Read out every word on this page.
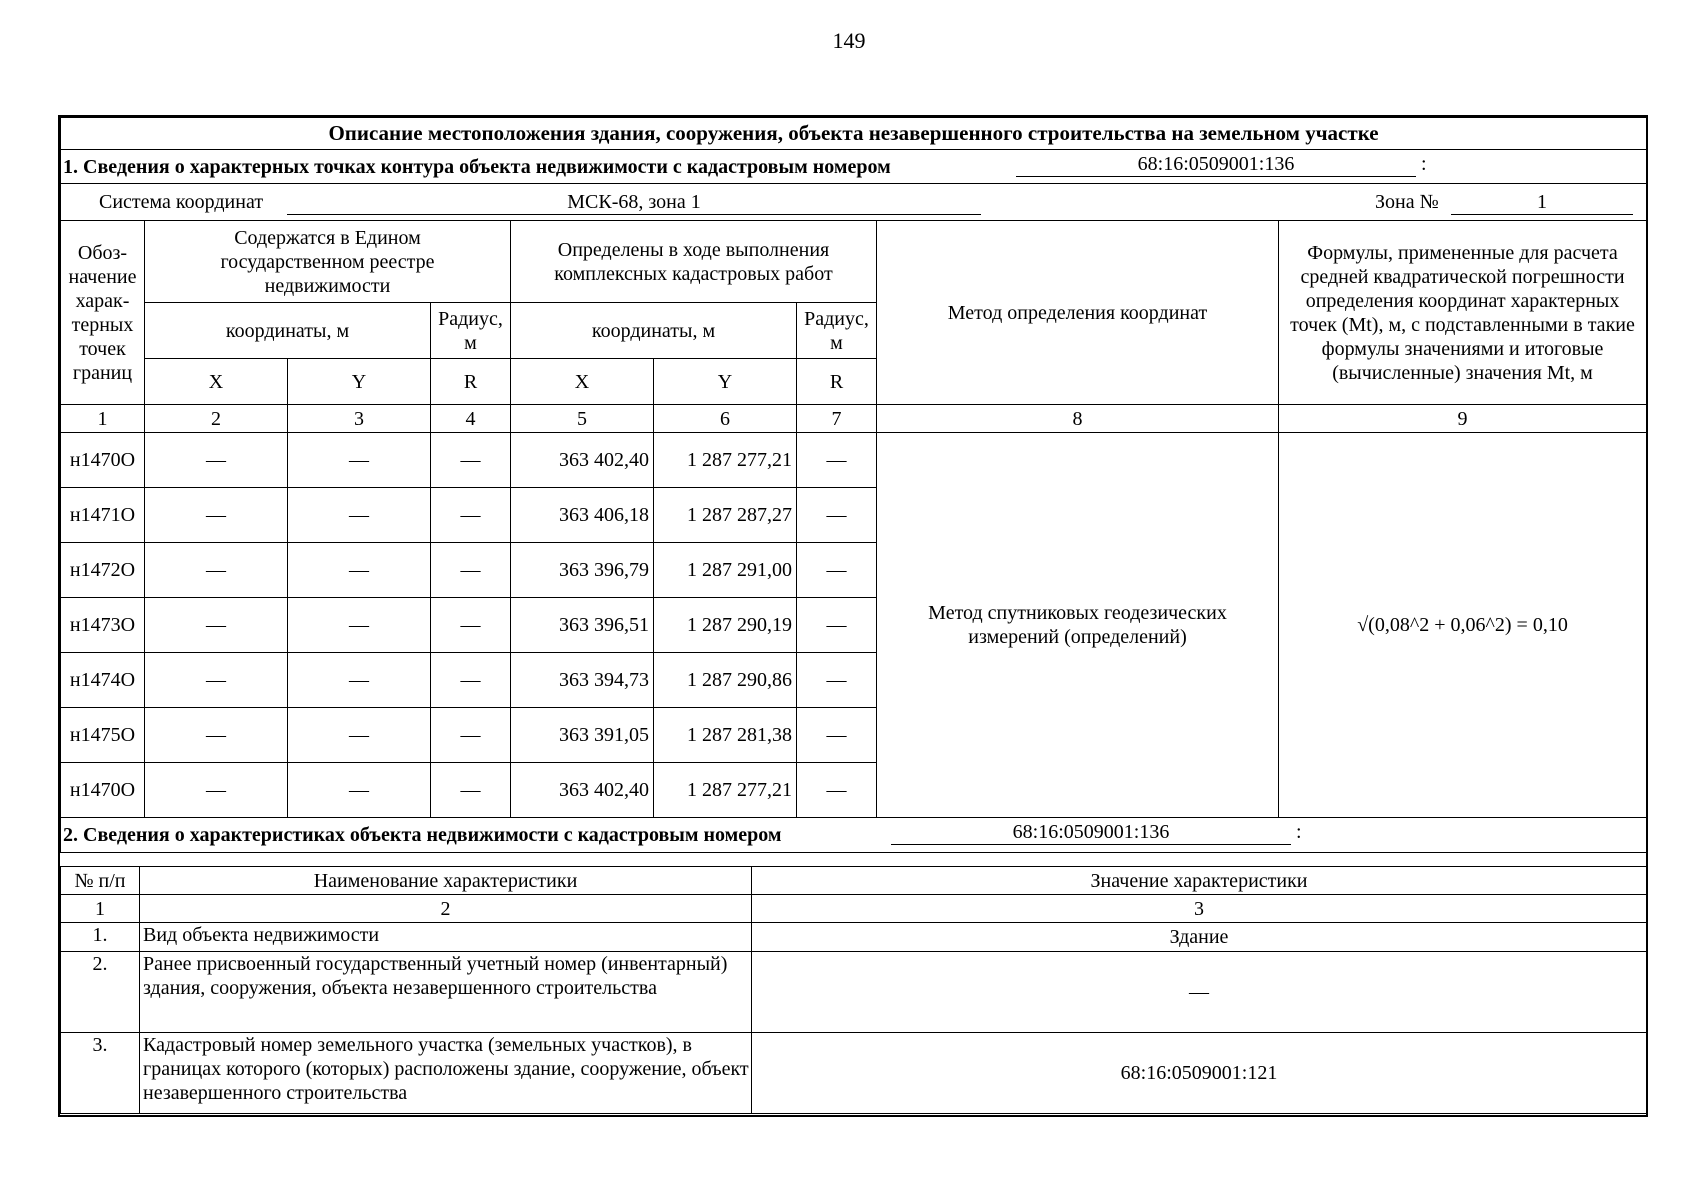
149
Описание местоположения здания, сооружения, объекта незавершенного строительства на земельном участке								
1. Сведения о характерных точках контура объекта недвижимости с кадастровым номером 68:16:0509001:136 :								

Система координат МСК-68, зона 1 Зона № 1								

Обоз-начение харак-терных точек границ	Содержатся в Едином государственном реестре недвижимости			Определены в ходе выполнения комплексных кадастровых работ			Метод определения координат	Формулы, примененные для расчета средней квадратической погрешности определения координат характерных точек (Mt), м, с подставленными в такие формулы значениями и итоговые (вычисленные) значения Mt, м
	координаты, м		Радиус, м	координаты, м		Радиус, м		
	X	Y	R	X	Y	R		
1	2	3	4	5	6	7	8	9
н1470О	—	—	—	363 402,40	1 287 277,21	—	Метод спутниковых геодезических измерений (определений)	√(0,08^2 + 0,06^2) = 0,10
н1471О	—	—	—	363 406,18	1 287 287,27	—		
н1472О	—	—	—	363 396,79	1 287 291,00	—		
н1473О	—	—	—	363 396,51	1 287 290,19	—		
н1474О	—	—	—	363 394,73	1 287 290,86	—		
н1475О	—	—	—	363 391,05	1 287 281,38	—		
н1470О	—	—	—	363 402,40	1 287 277,21	—		
2. Сведения о характеристиках объекта недвижимости с кадастровым номером 68:16:0509001:136 :								
№ п/п	Наименование характеристики	Значение характеристики
1	2	3
1.	Вид объекта недвижимости	Здание
2.	Ранее присвоенный государственный учетный номер (инвентарный) здания, сооружения, объекта незавершенного строительства	—
3.	Кадастровый номер земельного участка (земельных участков), в границах которого (которых) расположены здание, сооружение, объект незавершенного строительства	68:16:0509001:121
